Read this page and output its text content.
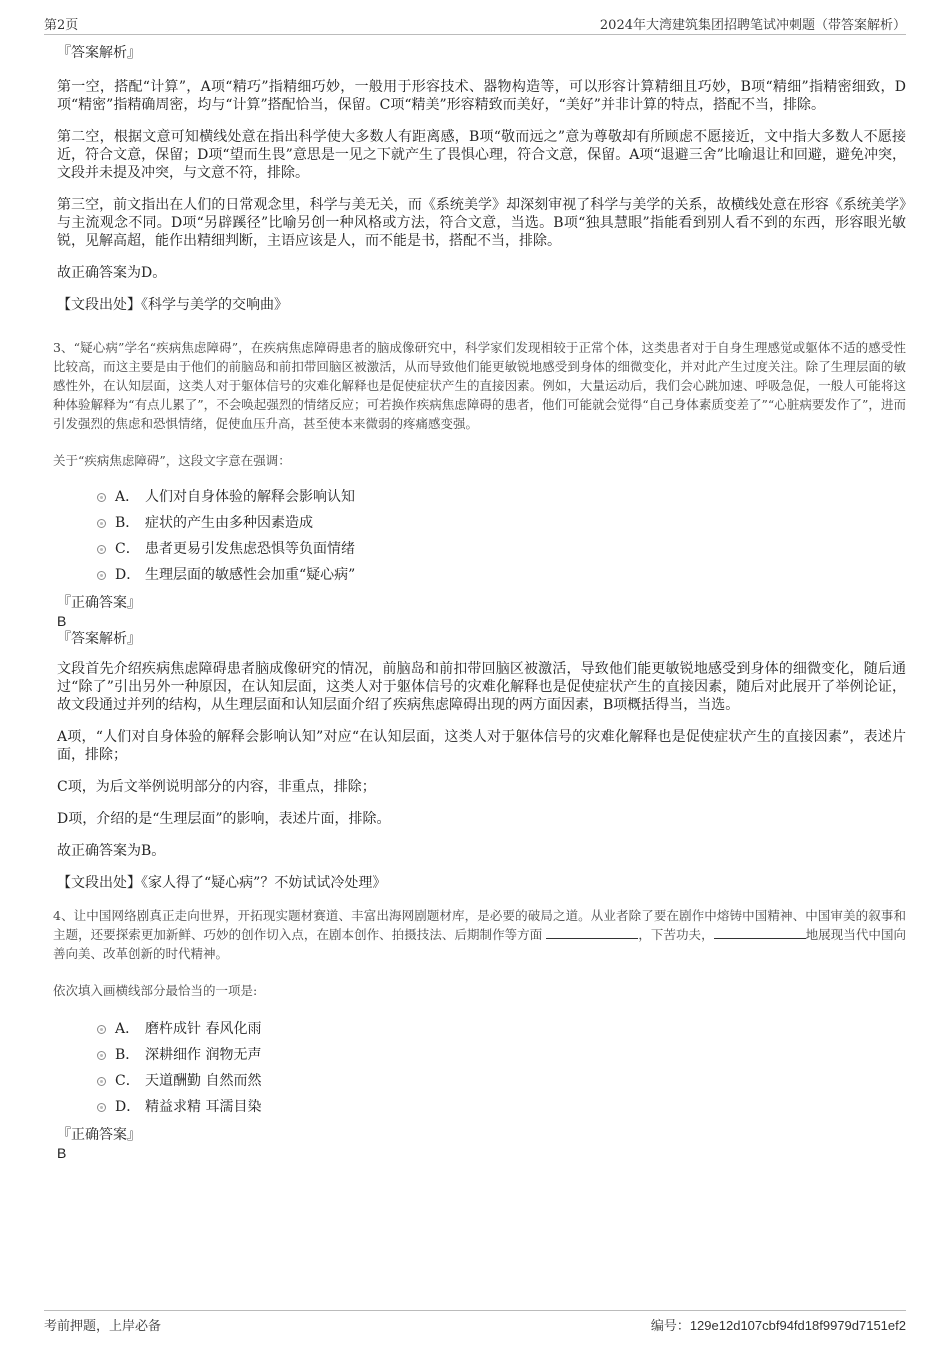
第2页	2024年大湾建筑集团招聘笔试冲刺题（带答案解析）

『答案解析』

第一空，搭配“计算”，A项“精巧”指精细巧妙，一般用于形容技术、器物构造等，可以形容计算精细且巧妙，B项“精细”指精密细致，D项“精密”指精确周密，均与“计算”搭配恰当，保留。C项“精美”形容精致而美好，“美好”并非计算的特点，搭配不当，排除。

第二空，根据文意可知横线处意在指出科学使大多数人有距离感，B项“敬而远之”意为尊敬却有所顾虑不愿接近，文中指大多数人不愿接近，符合文意，保留；D项“望而生畏”意思是一见之下就产生了畏惧心理，符合文意，保留。A项“退避三舍”比喻退让和回避，避免冲突，文段并未提及冲突，与文意不符，排除。

第三空，前文指出在人们的日常观念里，科学与美无关，而《系统美学》却深刻审视了科学与美学的关系，故横线处意在形容《系统美学》与主流观念不同。D项“另辟蹊径”比喻另创一种风格或方法，符合文意，当选。B项“独具慧眼”指能看到别人看不到的东西，形容眼光敏锐，见解高超，能作出精细判断，主语应该是人，而不能是书，搭配不当，排除。

故正确答案为D。

【文段出处】《科学与美学的交响曲》

3、“疑心病”学名“疾病焦虑障碍”，在疾病焦虑障碍患者的脑成像研究中，科学家们发现相较于正常个体，这类患者对于自身生理感觉或躯体不适的感受性比较高，而这主要是由于他们的前脑岛和前扣带回脑区被激活，从而导致他们能更敏锐地感受到身体的细微变化，并对此产生过度关注。除了生理层面的敏感性外，在认知层面，这类人对于躯体信号的灾难化解释也是促使症状产生的直接因素。例如，大量运动后，我们会心跳加速、呼吸急促，一般人可能将这种体验解释为“有点儿累了”，不会唤起强烈的情绪反应；可若换作疾病焦虑障碍的患者，他们可能就会觉得“自己身体素质变差了”“心脏病要发作了”，进而引发强烈的焦虑和恐惧情绪，促使血压升高，甚至使本来微弱的疼痛感变强。

关于“疾病焦虑障碍”，这段文字意在强调：

A． 人们对自身体验的解释会影响认知
B． 症状的产生由多种因素造成
C． 患者更易引发焦虑恐惧等负面情绪
D． 生理层面的敏感性会加重“疑心病”

『正确答案』

B

『答案解析』

文段首先介绍疾病焦虑障碍患者脑成像研究的情况，前脑岛和前扣带回脑区被激活，导致他们能更敏锐地感受到身体的细微变化，随后通过“除了”引出另外一种原因，在认知层面，这类人对于躯体信号的灾难化解释也是促使症状产生的直接因素，随后对此展开了举例论证，故文段通过并列的结构，从生理层面和认知层面介绍了疾病焦虑障碍出现的两方面因素，B项概括得当，当选。

A项，“人们对自身体验的解释会影响认知”对应“在认知层面，这类人对于躯体信号的灾难化解释也是促使症状产生的直接因素”，表述片面，排除；

C项，为后文举例说明部分的内容，非重点，排除；

D项，介绍的是“生理层面”的影响，表述片面，排除。

故正确答案为B。

【文段出处】《家人得了“疑心病”？不妨试试冷处理》

4、让中国网络剧真正走向世界，开拓现实题材赛道、丰富出海网剧题材库，是必要的破局之道。从业者除了要在剧作中熔铸中国精神、中国审美的叙事和主题，还要探索更加新鲜、巧妙的创作切入点，在剧本创作、拍摄技法、后期制作等方面	，下苦功夫，	地展现当代中国向善向美、改革创新的时代精神。

依次填入画横线部分最恰当的一项是:

A． 磨杵成针 春风化雨
B． 深耕细作 润物无声
C． 天道酬勤 自然而然
D． 精益求精 耳濡目染

『正确答案』

B

考前押题，上岸必备	编号：129e12d107cbf94fd18f9979d7151ef2
